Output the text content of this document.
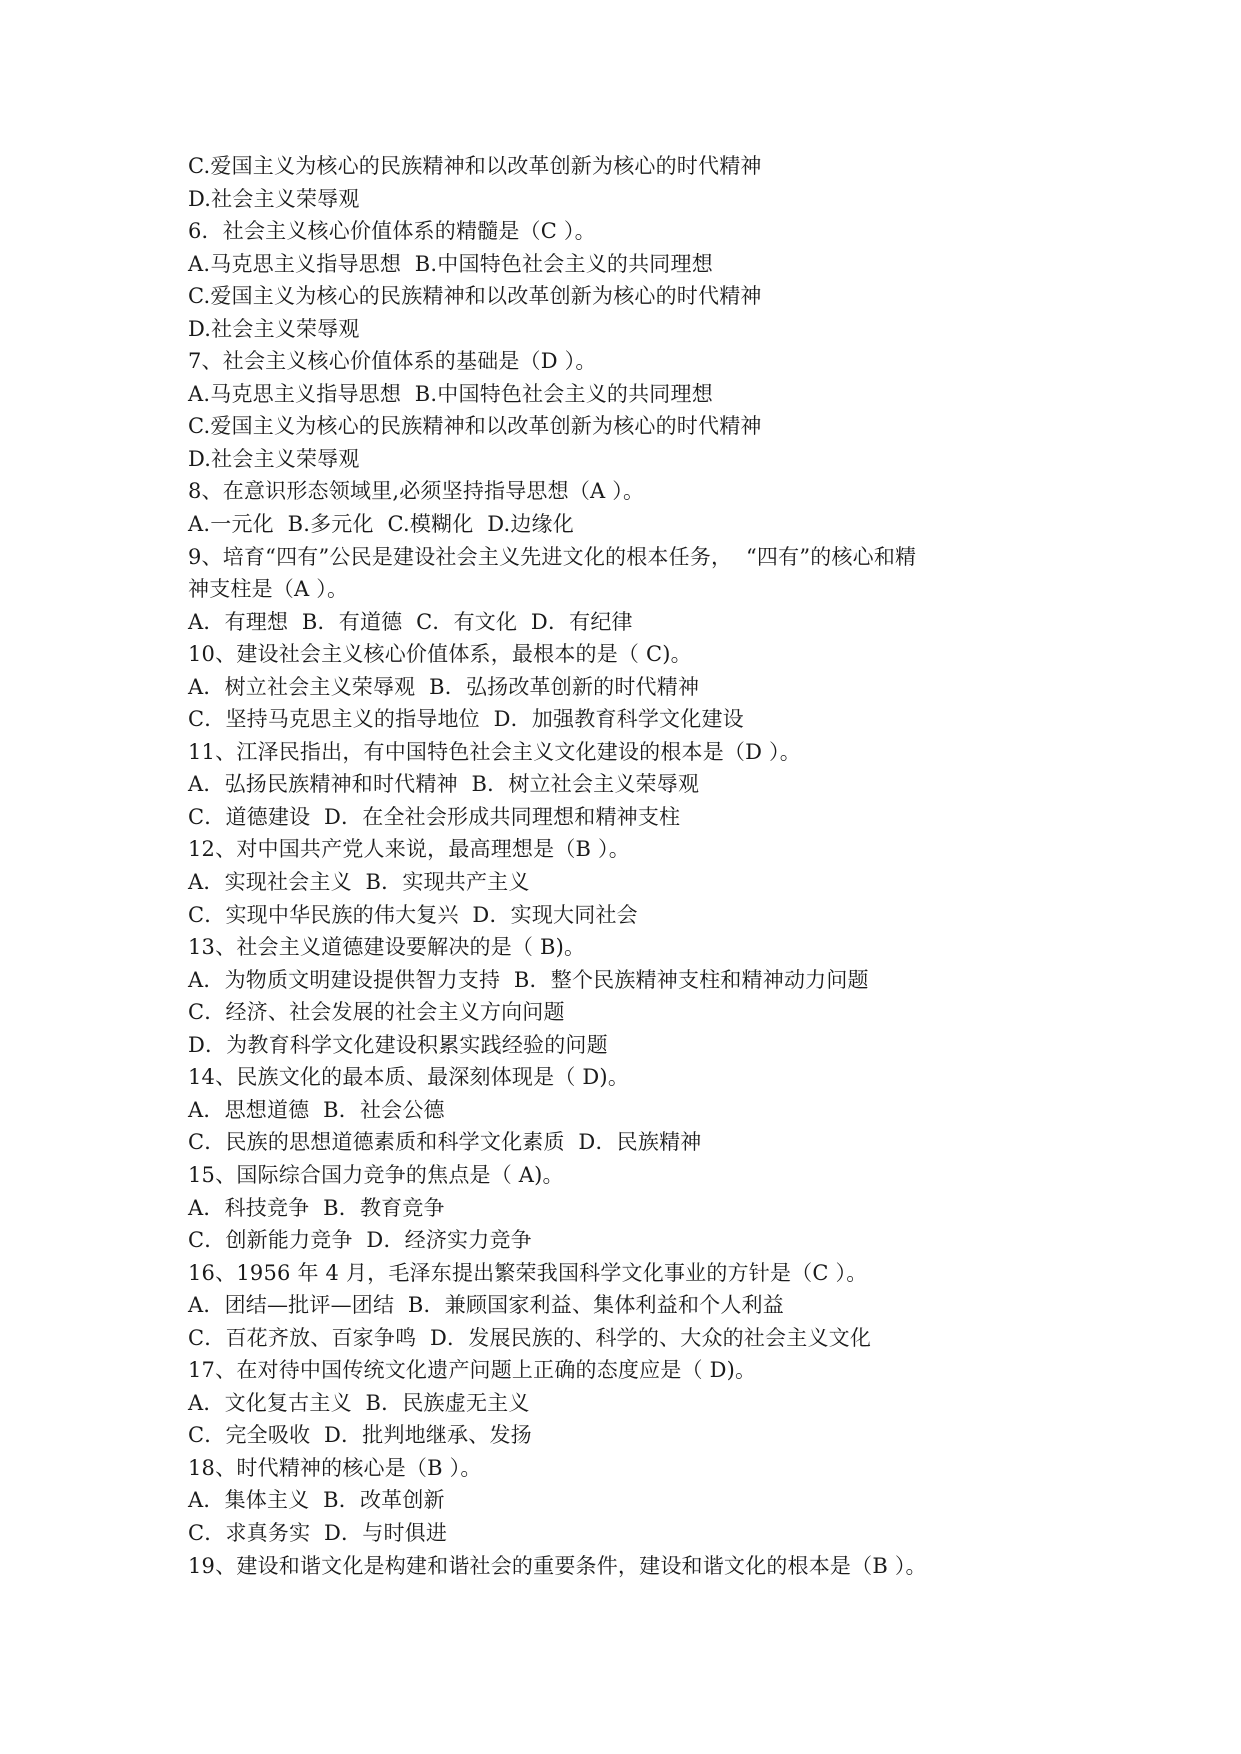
C.爱国主义为核心的民族精神和以改革创新为核心的时代精神
D.社会主义荣辱观
6．社会主义核心价值体系的精髓是（C ）。
A.马克思主义指导思想  B.中国特色社会主义的共同理想
C.爱国主义为核心的民族精神和以改革创新为核心的时代精神
D.社会主义荣辱观
7、社会主义核心价值体系的基础是（D ）。
A.马克思主义指导思想  B.中国特色社会主义的共同理想
C.爱国主义为核心的民族精神和以改革创新为核心的时代精神
D.社会主义荣辱观
8、在意识形态领域里,必须坚持指导思想（A ）。
A.一元化  B.多元化  C.模糊化  D.边缘化
9、培育“四有”公民是建设社会主义先进文化的根本任务，  “四有”的核心和精
神支柱是（A ）。
A．有理想  B．有道德  C．有文化  D．有纪律
10、建设社会主义核心价值体系，最根本的是（ C)。
A．树立社会主义荣辱观  B．弘扬改革创新的时代精神
C．坚持马克思主义的指导地位  D．加强教育科学文化建设
11、江泽民指出，有中国特色社会主义文化建设的根本是（D ）。
A．弘扬民族精神和时代精神  B．树立社会主义荣辱观
C．道德建设  D．在全社会形成共同理想和精神支柱
12、对中国共产党人来说，最高理想是（B ）。
A．实现社会主义  B．实现共产主义
C．实现中华民族的伟大复兴  D．实现大同社会
13、社会主义道德建设要解决的是（ B)。
A．为物质文明建设提供智力支持  B．整个民族精神支柱和精神动力问题
C．经济、社会发展的社会主义方向问题
D．为教育科学文化建设积累实践经验的问题
14、民族文化的最本质、最深刻体现是（ D)。
A．思想道德  B．社会公德
C．民族的思想道德素质和科学文化素质  D．民族精神
15、国际综合国力竞争的焦点是（ A)。
A．科技竞争  B．教育竞争
C．创新能力竞争  D．经济实力竞争
16、1956 年 4 月，毛泽东提出繁荣我国科学文化事业的方针是（C ）。
A．团结—批评—团结  B．兼顾国家利益、集体利益和个人利益
C．百花齐放、百家争鸣  D．发展民族的、科学的、大众的社会主义文化
17、在对待中国传统文化遗产问题上正确的态度应是（ D)。
A．文化复古主义  B．民族虚无主义
C．完全吸收  D．批判地继承、发扬
18、时代精神的核心是（B ）。
A．集体主义  B．改革创新
C．求真务实  D．与时俱进
19、建设和谐文化是构建和谐社会的重要条件，建设和谐文化的根本是（B ）。
